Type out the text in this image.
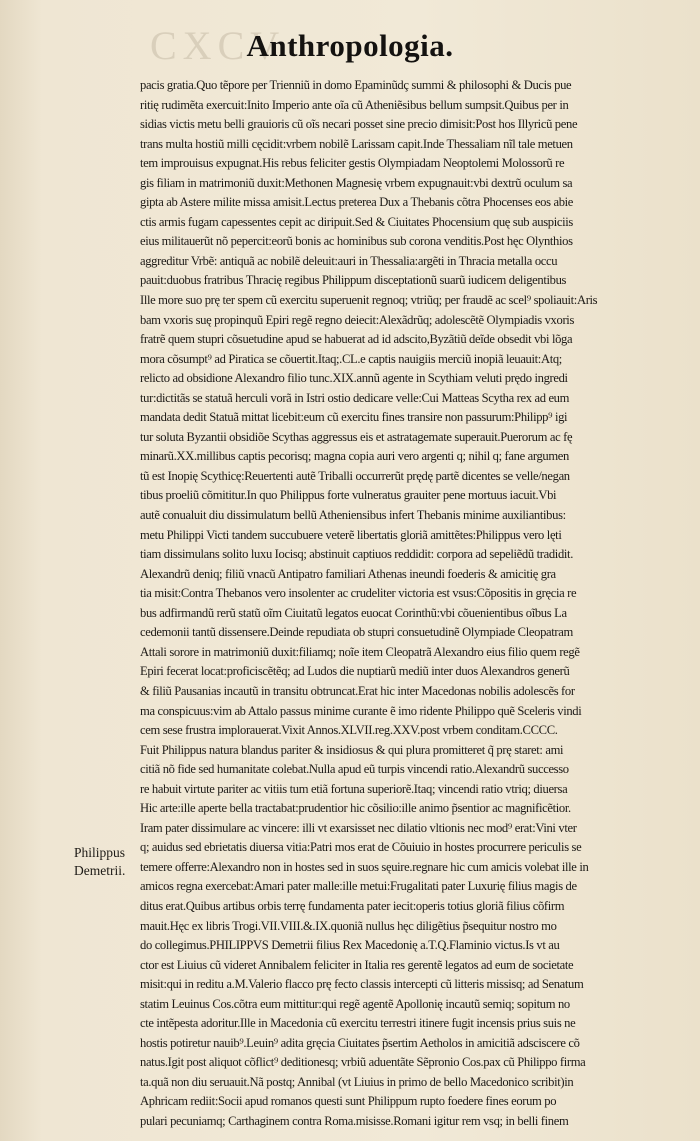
CXCV
Anthropologia.
pacis gratia.Quo tẽpore per Trienniũ in domo Epaminũdç summi & philosophi & Ducis pue
ritię rudimẽta exercuit:Inito Imperio ante oĩa cũ Atheniẽsibus bellum sumpsit.Quibus per in
sidias victis metu belli grauioris cũ oĩs necari posset sine precio dimisit:Post hos Illyricũ pene
trans multa hostiũ milli cęcidit:vrbem nobilẽ Larissam capit.Inde Thessaliam nĩl tale metuen
tem improuisus expugnat.His rebus feliciter gestis Olympiadam Neoptolemi Molossorũ re
gis filiam in matrimoniũ duxit:Methonen Magnesię vrbem expugnauit:vbi dextrũ oculum sa
gipta ab Astere milite missa amisit.Lectus preterea Dux a Thebanis cõtra Phocenses eos abie
ctis armis fugam capessentes cepit ac diripuit.Sed & Ciuitates Phocensium quę sub auspiciis
eius militauerũt nõ pepercit:eorũ bonis ac hominibus sub corona venditis.Post hęc Olynthios
aggreditur Vrbẽ: antiquã ac nobilẽ deleuit:auri in Thessalia:argẽti in Thracia metalla occu
pauit:duobus fratribus Thracię regibus Philippum disceptationũ suarũ iudicem deligentibus
Ille more suo prę ter spem cũ exercitu superuenit regnoq; vtriũq; per fraudẽ ac scel⁹ spoliauit:Aris
bam vxoris suę propinquũ Epiri regẽ regno deiecit:Alexãdrũq; adolescẽtẽ Olympiadis vxoris
fratrẽ quem stupri cõsuetudine apud se habuerat ad id adscito,Byzãtiũ deĩde obsedit vbi lõga
mora cõsumpt⁹ ad Piratica se cõuertit.Itaq;.CL.e captis nauigiis merciũ inopiã leuauit:Atq;
relicto ad obsidione Alexandro filio tunc.XIX.annũ agente in Scythiam veluti prędo ingredi
tur:dictitãs se statuã herculi vorã in Istri ostio dedicare velle:Cui Matteas Scytha rex ad eum
mandata dedit Statuã mittat licebit:eum cũ exercitu fines transire non passurum:Philipp⁹ igi
tur soluta Byzantii obsidiõe Scythas aggressus eis et astratagemate superauit.Puerorum ac fę
minarũ.XX.millibus captis pecorisq; magna copia auri vero argenti q; nihil q; fane argumen
tũ est Inopię Scythicę:Reuertenti autẽ Triballi occurrerũt prędę partẽ dicentes se velle/negan
tibus proeliũ cõmititur.In quo Philippus forte vulneratus grauiter pene mortuus iacuit.Vbi
autẽ conualuit diu dissimulatum bellũ Atheniensibus infert Thebanis minime auxiliantibus:
metu Philippi Victi tandem succubuere veterẽ libertatis gloriã amittẽtes:Philippus vero lęti
tiam dissimulans solito luxu Iocisq; abstinuit captiuos reddidit: corpora ad sepeliẽdũ tradidit.
Alexandrũ deniq; filiũ vnacũ Antipatro familiari Athenas ineundi foederis & amicitię gra
tia misit:Contra Thebanos vero insolenter ac crudeliter victoria est vsus:Cõpositis in gręcia re
bus adfirmandũ rerũ statũ oĩm Ciuitatũ legatos euocat Corinthũ:vbi cõuenientibus oĩbus La
cedemonii tantũ dissensere.Deinde repudiata ob stupri consuetudinẽ Olympiade Cleopatram
Attali sorore in matrimoniũ duxit:filiamq; noĩe item Cleopatrã Alexandro eius filio quem regẽ
Epiri fecerat locat:proficiscẽtẽq; ad Ludos die nuptiarũ mediũ inter duos Alexandros generũ
& filiũ Pausanias incautũ in transitu obtruncat.Erat hic inter Macedonas nobilis adolescẽs for
ma conspicuus:vim ab Attalo passus minime curante ẽ imo ridente Philippo quẽ Sceleris vindi
cem sese frustra implorauerat.Vixit Annos.XLVII.reg.XXV.post vrbem conditam.CCCC.
Fuit Philippus natura blandus pariter & insidiosus & qui plura promitteret q̃ prę staret: ami
citiã nõ fide sed humanitate colebat.Nulla apud eũ turpis vincendi ratio.Alexandrũ successo
re habuit virtute pariter ac vitiis tum etiã fortuna superiorẽ.Itaq; vincendi ratio vtriq; diuersa
Hic arte:ille aperte bella tractabat:prudentior hic cõsilio:ille animo p̃sentior ac magnificẽtior.
Iram pater dissimulare ac vincere: illi vt exarsisset nec dilatio vltionis nec mod⁹ erat:Vini vter
q; auidus sed ebrietatis diuersa vitia:Patri mos erat de Cõuiuio in hostes procurrere periculis se
temere offerre:Alexandro non in hostes sed in suos sęuire.regnare hic cum amicis volebat ille in
amicos regna exercebat:Amari pater malle:ille metui:Frugalitati pater Luxurię filius magis de
ditus erat.Quibus artibus orbis terrę fundamenta pater iecit:operis totius gloriã filius cõfirm
mauit.Hęc ex libris Trogi.VII.VIII.&.IX.quoniã nullus hęc diligẽtius p̃sequitur nostro mo
do collegimus.PHILIPPVS Demetrii filius Rex Macedonię a.T.Q.Flaminio victus.Is vt au
ctor est Liuius cũ videret Annibalem feliciter in Italia res gerentẽ legatos ad eum de societate
misit:qui in reditu a.M.Valerio flacco prę fecto classis intercepti cũ litteris missisq; ad Senatum
statim Leuinus Cos.cõtra eum mittitur:qui regẽ agentẽ Apollonię incautũ semiq; sopitum no
cte intẽpesta adoritur.Ille in Macedonia cũ exercitu terrestri itinere fugit incensis prius suis ne
hostis potiretur nauib⁹.Leuin⁹ adita gręcia Ciuitates p̃sertim Aetholos in amicitiã adsciscere cõ
natus.Igit post aliquot cõflict⁹ deditionesq; vrbiũ aduentãte Sẽpronio Cos.pax cũ Philippo firma
ta.quã non diu seruauit.Nã postq; Annibal (vt Liuius in primo de bello Macedonico scribit)in
Aphricam rediit:Socii apud romanos questi sunt Philippum rupto foedere fines eorum po
pulari pecuniamq; Carthaginem contra Roma.misisse.Romani igitur rem vsq; in belli finem
Philippus
Demetrii.
